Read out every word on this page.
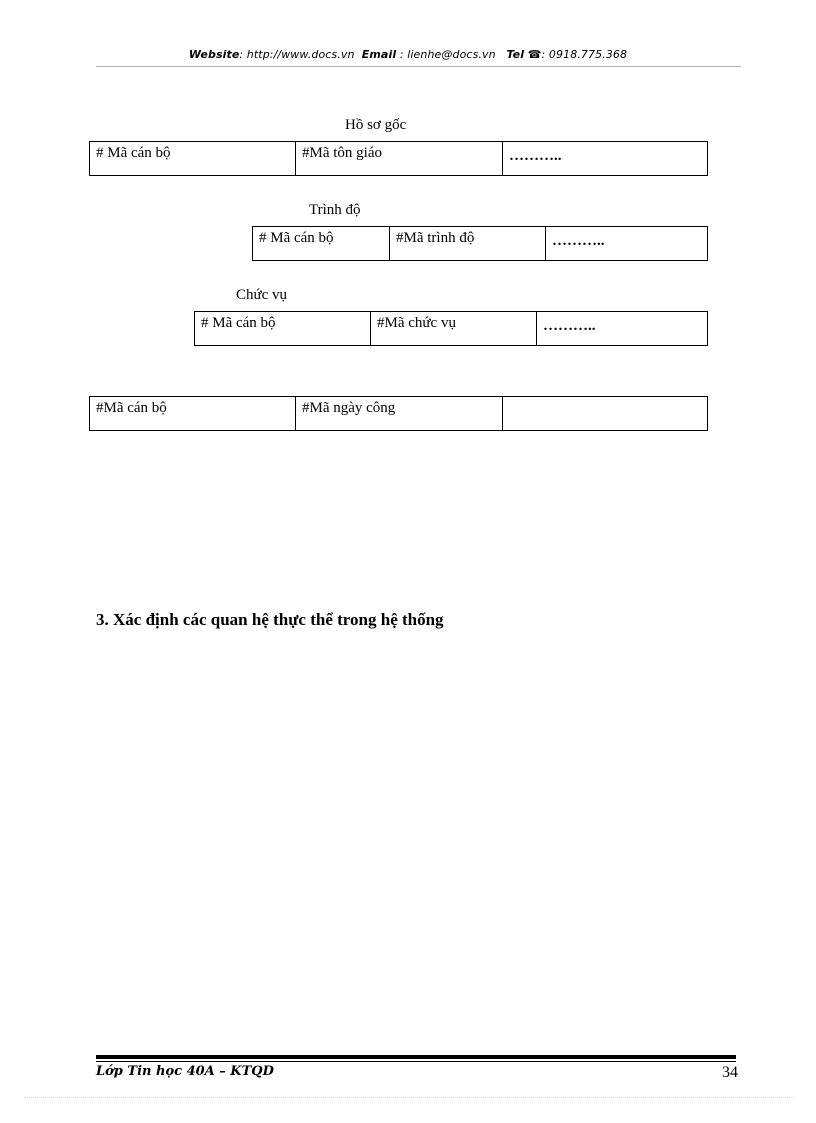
Website: http://www.docs.vn Email : lienhe@docs.vn Tel ☎: 0918.775.368
Hồ sơ gốc
# Mã cán bộ	#Mã tôn giáo	………..
Trình độ
# Mã cán bộ	#Mã trình độ	………..
Chức vụ
# Mã cán bộ	#Mã chức vụ	………..
#Mã cán bộ	#Mã ngày công
3. Xác định các quan hệ thực thể trong hệ thống
Lớp Tin học 40A – KTQD	34
